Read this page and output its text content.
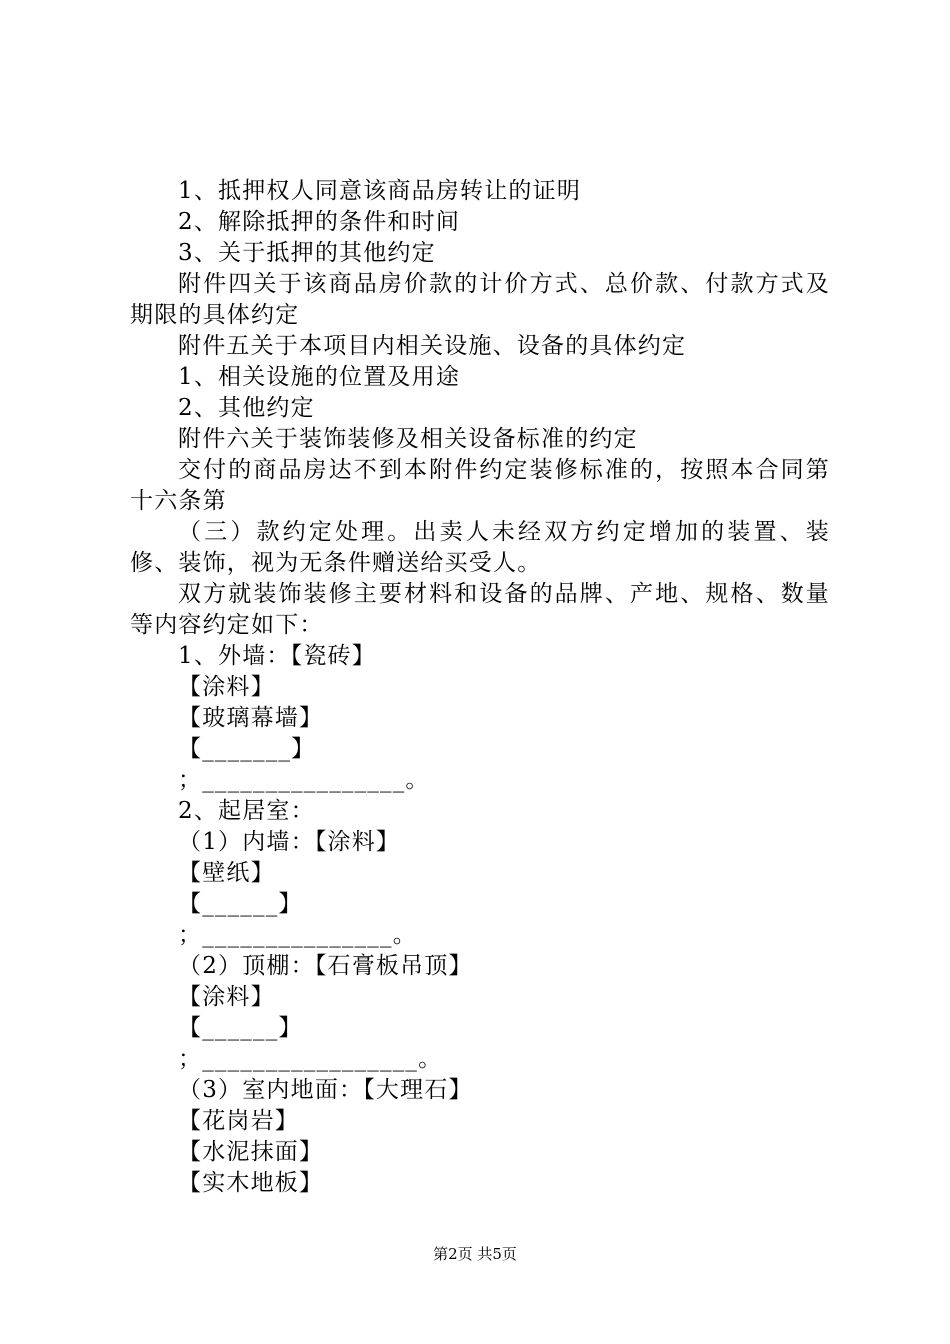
1、抵押权人同意该商品房转让的证明

2、解除抵押的条件和时间

3、关于抵押的其他约定

附件四关于该商品房价款的计价方式、总价款、付款方式及期限的具体约定

附件五关于本项目内相关设施、设备的具体约定

1、相关设施的位置及用途

2、其他约定

附件六关于装饰装修及相关设备标准的约定

交付的商品房达不到本附件约定装修标准的，按照本合同第十六条第

（三）款约定处理。出卖人未经双方约定增加的装置、装修、装饰，视为无条件赠送给买受人。

双方就装饰装修主要材料和设备的品牌、产地、规格、数量等内容约定如下：

1、外墙：【瓷砖】

【涂料】

【玻璃幕墙】

【_______】

；________________。

2、起居室：

（1）内墙：【涂料】

【壁纸】

【______】

；_______________。

（2）顶棚：【石膏板吊顶】

【涂料】

【______】

；_________________。

（3）室内地面：【大理石】

【花岗岩】

【水泥抹面】

【实木地板】

第2页 共5页
